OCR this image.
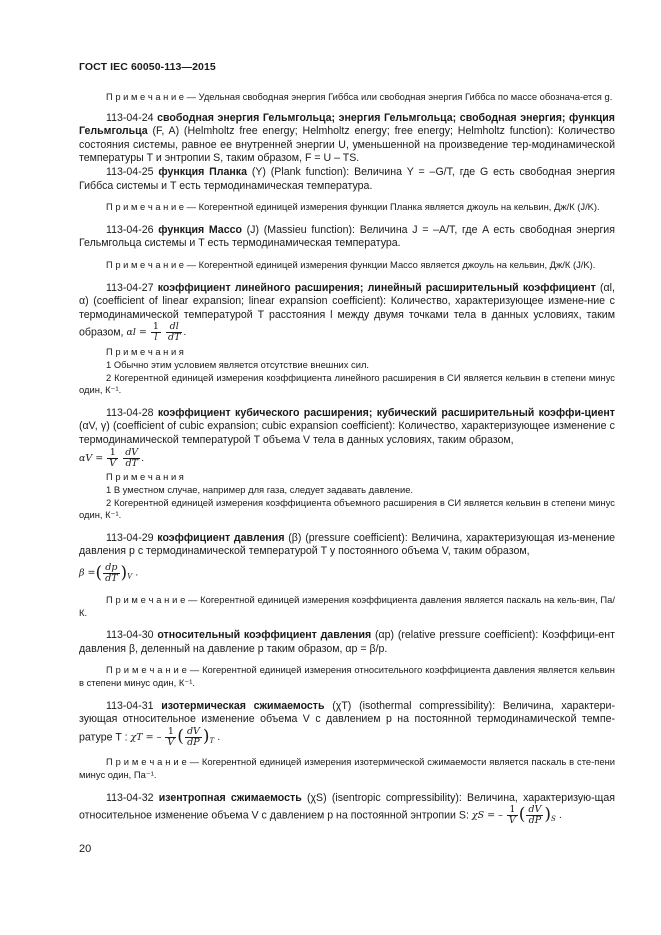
ГОСТ IEC 60050-113—2015

П р и м е ч а н и е — Удельная свободная энергия Гиббса или свободная энергия Гиббса по массе обознача-ется g.

113-04-24 свободная энергия Гельмгольца; энергия Гельмгольца; свободная энергия; функция Гельмгольца (F, A) (Helmholtz free energy; Helmholtz energy; free energy; Helmholtz function): Количество состояния системы, равное ее внутренней энергии U, уменьшенной на произведение тер-модинамической температуры T и энтропии S, таким образом, F = U – TS.

113-04-25 функция Планка (Y) (Plank function): Величина Y = –G/T, где G есть свободная энергия Гиббса системы и T есть термодинамическая температура.

П р и м е ч а н и е — Когерентной единицей измерения функции Планка является джоуль на кельвин, Дж/К (J/K).

113-04-26 функция Массо (J) (Massieu function): Величина J = –A/T, где A есть свободная энергия Гельмгольца системы и T есть термодинамическая температура.

П р и м е ч а н и е — Когерентной единицей измерения функции Массо является джоуль на кельвин, Дж/К (J/K).

113-04-27 коэффициент линейного расширения; линейный расширительный коэффициент (αl, α) (coefficient of linear expansion; linear expansion coefficient): Количество, характеризующее измене-ние с термодинамической температурой T расстояния l между двумя точками тела в данных условиях, таким образом, $\alpha l = \frac{1}{l}$
$\frac{dl}{dT}$ .

П р и м е ч а н и я
1 Обычно этим условием является отсутствие внешних сил.
2 Когерентной единицей измерения коэффициента линейного расширения в СИ является кельвин в степени минус один, К⁻¹.

113-04-28 коэффициент кубического расширения; кубический расширительный коэффи-циент (αV, γ) (coefficient of cubic expansion; cubic expansion coefficient): Количество, характеризующее изменение с термодинамической температурой T объема V тела в данных условиях, таким образом,

$\alpha V = \frac{1}{V}$
$\frac{dV}{dT}$ .

П р и м е ч а н и я
1 В уместном случае, например для газа, следует задавать давление.
2 Когерентной единицей измерения коэффициента объемного расширения в СИ является кельвин в степени минус один, К⁻¹.

113-04-29 коэффициент давления (β) (pressure coefficient): Величина, характеризующая из-менение давления p с термодинамической температурой T у постоянного объема V, таким образом,

β =( $\frac{dp}{dT} )_V$ .

П р и м е ч а н и е — Когерентной единицей измерения коэффициента давления является паскаль на кель-вин, Па/К.

113-04-30 относительный коэффициент давления (αp) (relative pressure coefficient): Коэффици-ент давления β, деленный на давление p таким образом, αp = β/p.

П р и м е ч а н и е — Когерентной единицей измерения относительного коэффициента давления является кельвин в степени минус один, К⁻¹.

113-04-31 изотермическая сжимаемость (χT) (isothermal compressibility): Величина, характери-зующая относительное изменение объема V с давлением p на постоянной термодинамической темпе-ратуре T : χT = – $\frac{1}{V}$ ( $\frac{dV}{dP} )_T$ .

П р и м е ч а н и е — Когерентной единицей измерения изотермической сжимаемости является паскаль в сте-пени минус один, Па⁻¹.

113-04-32 изентропная сжимаемость (χS) (isentropic compressibility): Величина, характеризую-щая относительное изменение объема V с давлением p на постоянной энтропии S: χS = – $\frac{1}{V}$ ( $\frac{dV}{dP} )_S$ .

20
